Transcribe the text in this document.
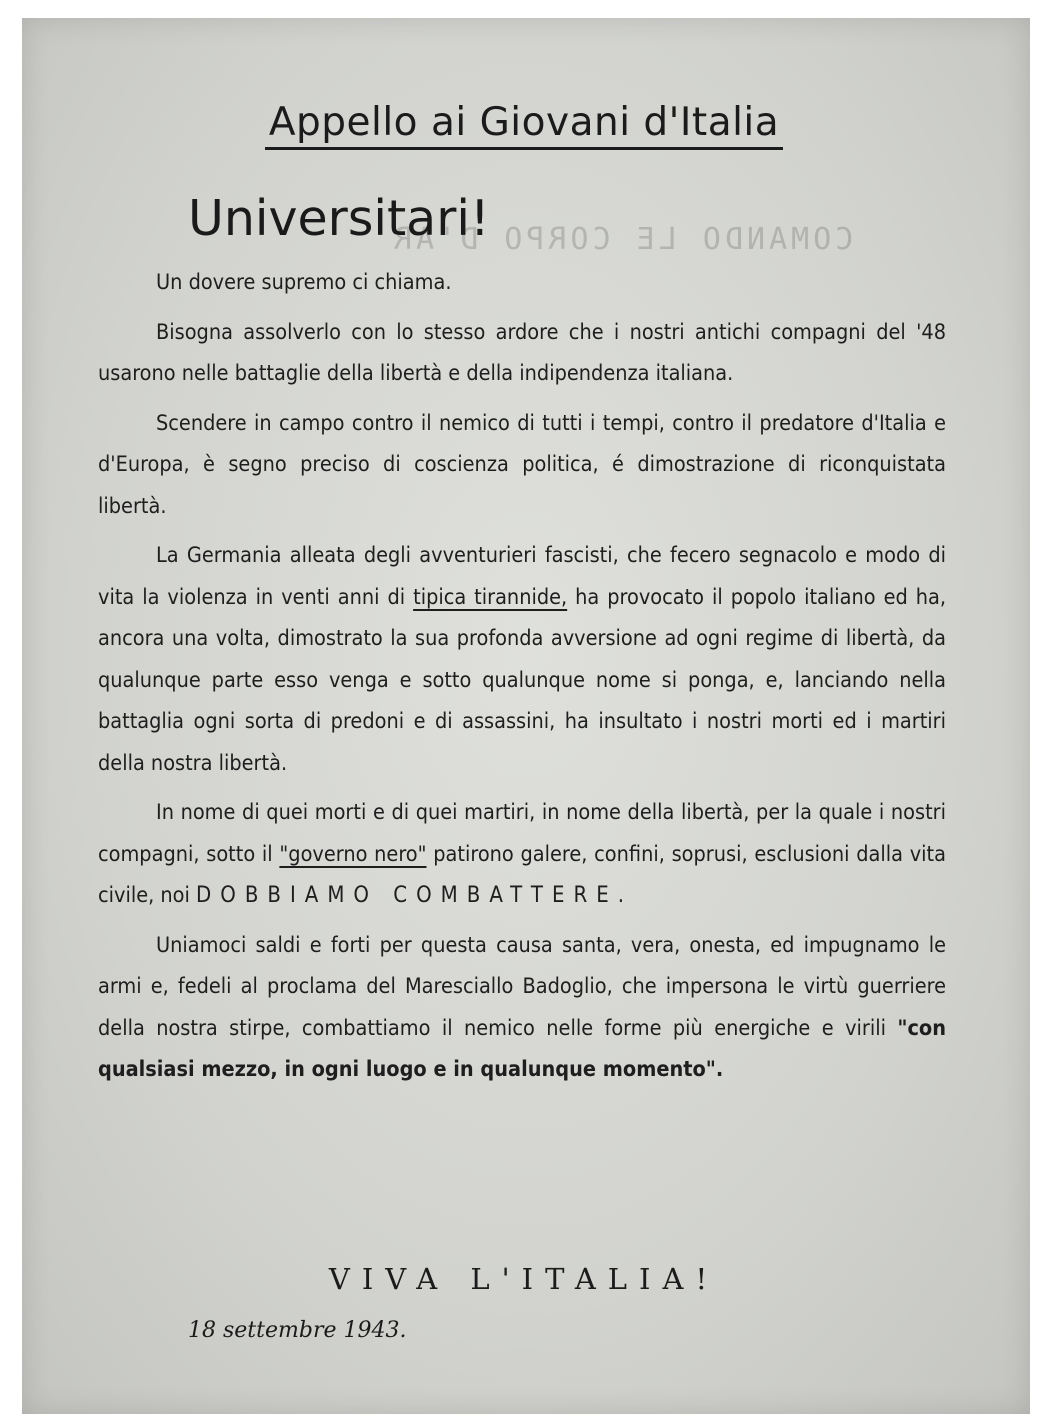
COMANDO LE CORPO D'AR
Appello ai Giovani d'Italia
Universitari!

Un dovere supremo ci chiama.

Bisogna assolverlo con lo stesso ardore che i nostri antichi compagni del '48 usarono nelle battaglie della libertà e della indipendenza italiana.

Scendere in campo contro il nemico di tutti i tempi, contro il predatore d'Italia e d'Europa, è segno preciso di coscienza politica, é dimostrazione di riconquistata libertà.

La Germania alleata degli avventurieri fascisti, che fecero segnacolo e modo di vita la violenza in venti anni di tipica tirannide, ha provocato il popolo italiano ed ha, ancora una volta, dimostrato la sua profonda avversione ad ogni regime di libertà, da qualunque parte esso venga e sotto qualunque nome si ponga, e, lanciando nella battaglia ogni sorta di predoni e di assassini, ha insultato i nostri morti ed i martiri della nostra libertà.

In nome di quei morti e di quei martiri, in nome della libertà, per la quale i nostri compagni, sotto il "governo nero" patirono galere, confini, soprusi, esclusioni dalla vita civile, noi DOBBIAMO COMBATTERE.

Uniamoci saldi e forti per questa causa santa, vera, onesta, ed impugnamo le armi e, fedeli al proclama del Maresciallo Badoglio, che impersona le virtù guerriere della nostra stirpe, combattiamo il nemico nelle forme più energiche e virili "con qualsiasi mezzo, in ogni luogo e in qualunque momento".

VIVA L'ITALIA!
18 settembre 1943.
